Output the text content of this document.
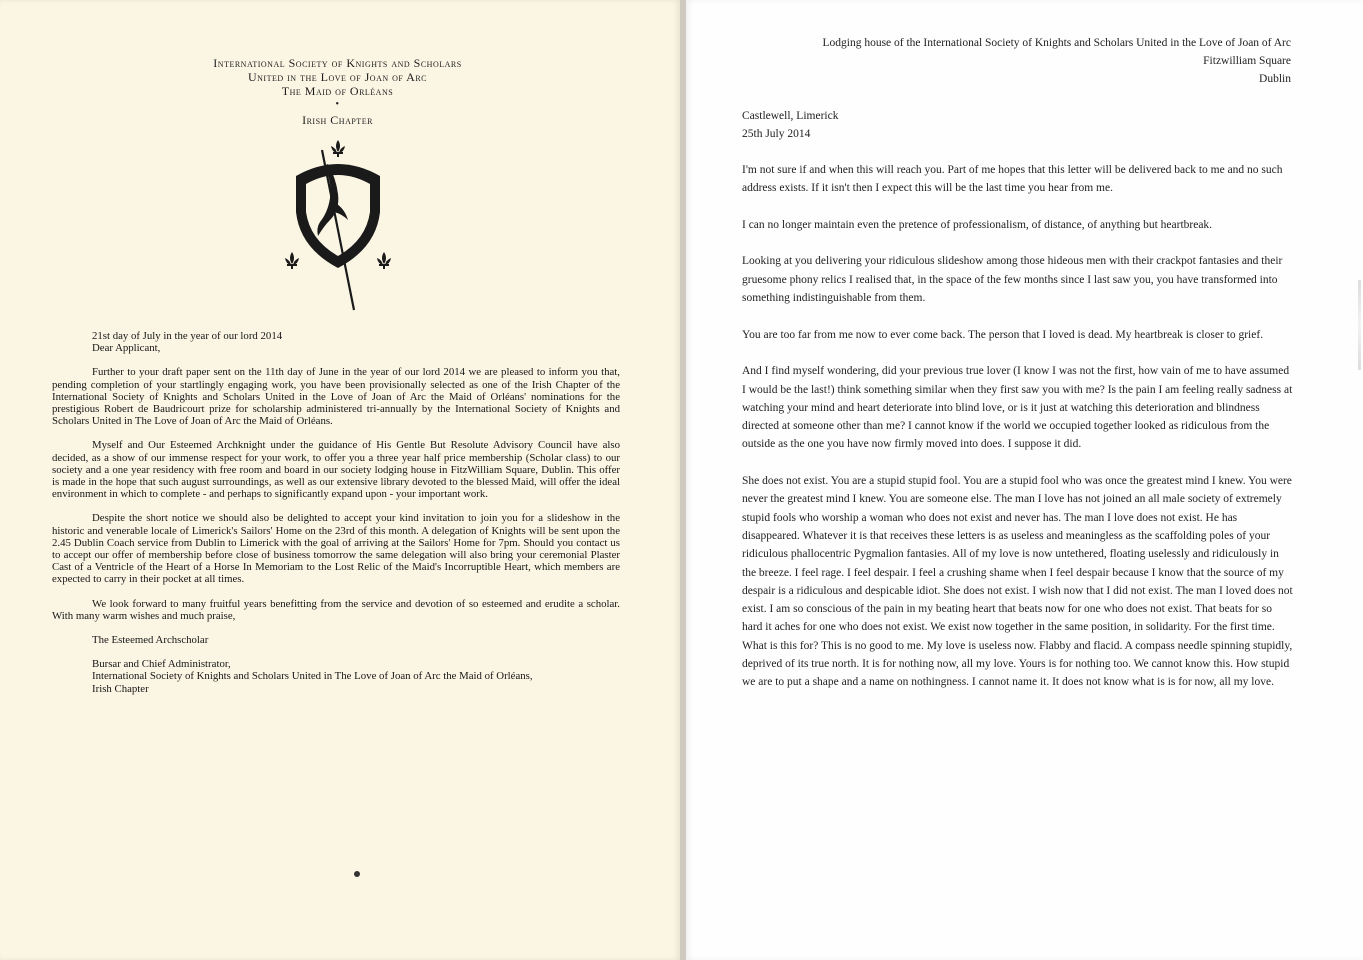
International Society of Knights and Scholars
United in the Love of Joan of Arc
The Maid of Orléans
•
Irish Chapter
21st day of July in the year of our lord 2014
Dear Applicant,

Further to your draft paper sent on the 11th day of June in the year of our lord 2014 we are pleased to inform you that, pending completion of your startlingly engaging work, you have been provisionally selected as one of the Irish Chapter of the International Society of Knights and Scholars United in the Love of Joan of Arc the Maid of Orléans' nominations for the prestigious Robert de Baudricourt prize for scholarship administered tri-annually by the International Society of Knights and Scholars United in The Love of Joan of Arc the Maid of Orléans.

Myself and Our Esteemed Archknight under the guidance of His Gentle But Resolute Advisory Council have also decided, as a show of our immense respect for your work, to offer you a three year half price membership (Scholar class) to our society and a one year residency with free room and board in our society lodging house in FitzWilliam Square, Dublin. This offer is made in the hope that such august surroundings, as well as our extensive library devoted to the blessed Maid, will offer the ideal environment in which to complete - and perhaps to significantly expand upon - your important work.

Despite the short notice we should also be delighted to accept your kind invitation to join you for a slideshow in the historic and venerable locale of Limerick's Sailors' Home on the 23rd of this month. A delegation of Knights will be sent upon the 2.45 Dublin Coach service from Dublin to Limerick with the goal of arriving at the Sailors' Home for 7pm. Should you contact us to accept our offer of membership before close of business tomorrow the same delegation will also bring your ceremonial Plaster Cast of a Ventricle of the Heart of a Horse In Memoriam to the Lost Relic of the Maid's Incorruptible Heart, which members are expected to carry in their pocket at all times.

We look forward to many fruitful years benefitting from the service and devotion of so esteemed and erudite a scholar. With many warm wishes and much praise,

The Esteemed Archscholar
Bursar and Chief Administrator,
International Society of Knights and Scholars United in The Love of Joan of Arc the Maid of Orléans,
Irish Chapter
Lodging house of the International Society of Knights and Scholars United in the Love of Joan of Arc
Fitzwilliam Square
Dublin
Castlewell, Limerick
25th July 2014

I'm not sure if and when this will reach you. Part of me hopes that this letter will be delivered back to me and no such address exists. If it isn't then I expect this will be the last time you hear from me.

I can no longer maintain even the pretence of professionalism, of distance, of anything but heartbreak.

Looking at you delivering your ridiculous slideshow among those hideous men with their crackpot fantasies and their gruesome phony relics I realised that, in the space of the few months since I last saw you, you have transformed into something indistinguishable from them.

You are too far from me now to ever come back. The person that I loved is dead. My heartbreak is closer to grief.

And I find myself wondering, did your previous true lover (I know I was not the first, how vain of me to have assumed I would be the last!) think something similar when they first saw you with me? Is the pain I am feeling really sadness at watching your mind and heart deteriorate into blind love, or is it just at watching this deterioration and blindness directed at someone other than me? I cannot know if the world we occupied together looked as ridiculous from the outside as the one you have now firmly moved into does. I suppose it did.

She does not exist. You are a stupid stupid fool. You are a stupid fool who was once the greatest mind I knew. You were never the greatest mind I knew. You are someone else. The man I love has not joined an all male society of extremely stupid fools who worship a woman who does not exist and never has. The man I love does not exist. He has disappeared. Whatever it is that receives these letters is as useless and meaningless as the scaffolding poles of your ridiculous phallocentric Pygmalion fantasies. All of my love is now untethered, floating uselessly and ridiculously in the breeze. I feel rage. I feel despair. I feel a crushing shame when I feel despair because I know that the source of my despair is a ridiculous and despicable idiot. She does not exist. I wish now that I did not exist. The man I loved does not exist. I am so conscious of the pain in my beating heart that beats now for one who does not exist. That beats for so hard it aches for one who does not exist. We exist now together in the same position, in solidarity. For the first time. What is this for? This is no good to me. My love is useless now. Flabby and flacid. A compass needle spinning stupidly, deprived of its true north. It is for nothing now, all my love. Yours is for nothing too. We cannot know this. How stupid we are to put a shape and a name on nothingness. I cannot name it. It does not know what is is for now, all my love.
